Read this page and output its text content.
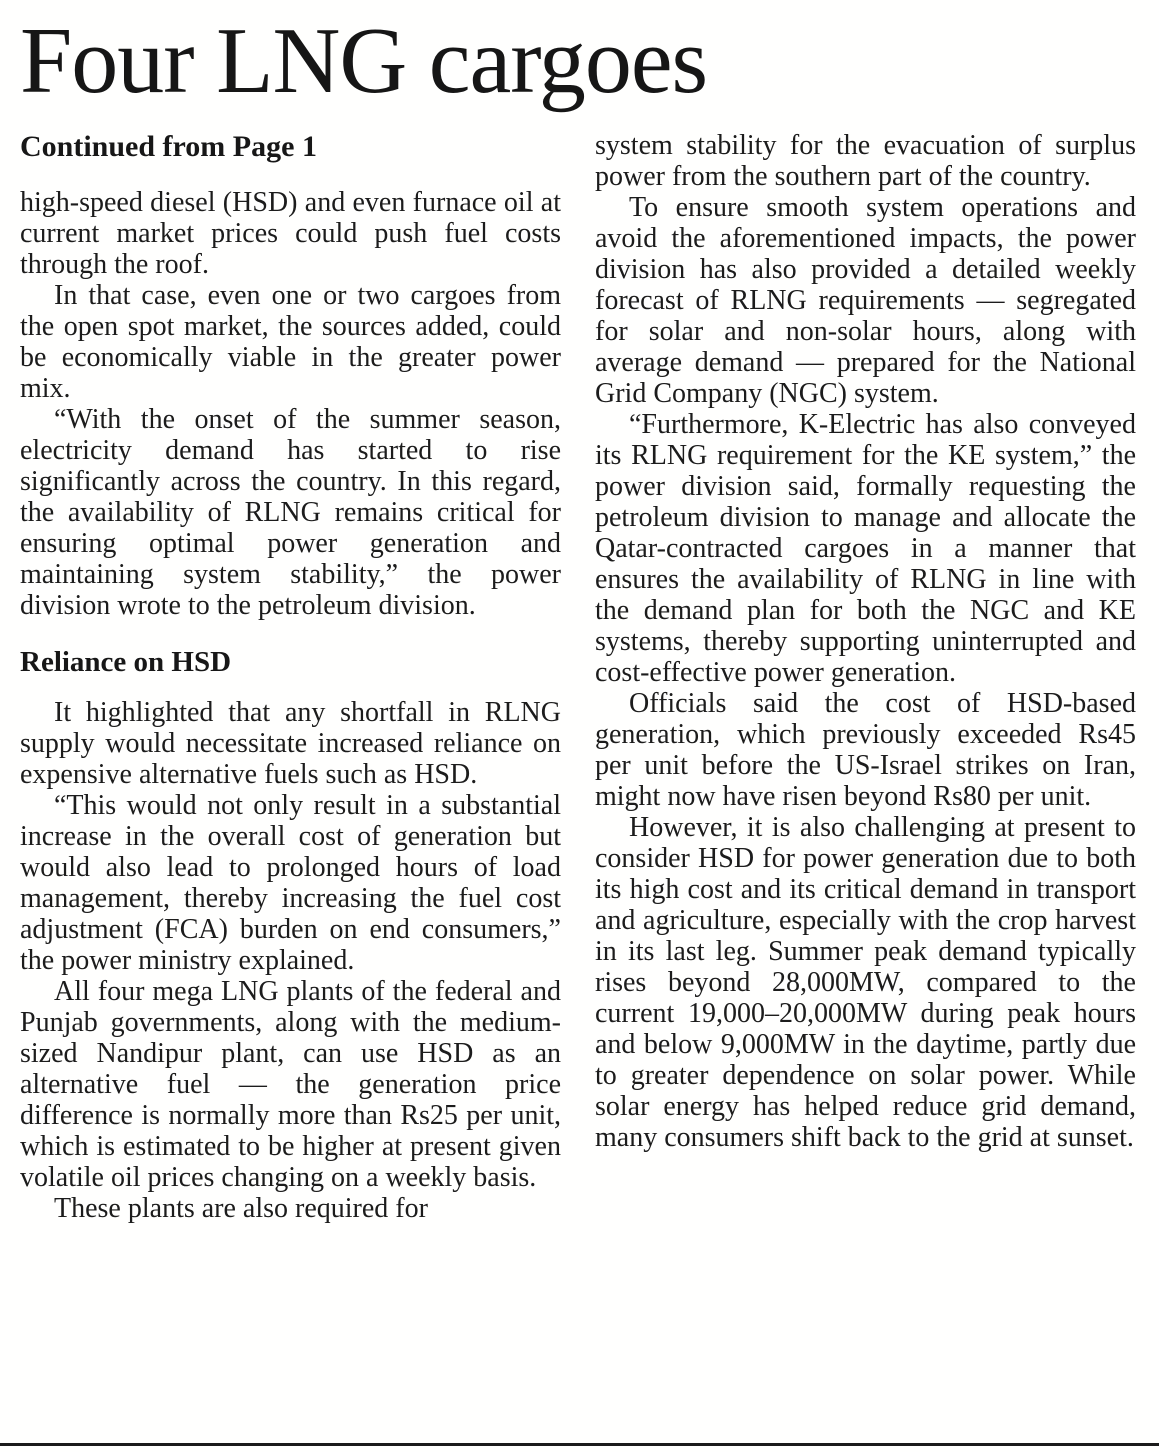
Four LNG cargoes

Continued from Page 1

high-speed diesel (HSD) and even furnace oil at current market prices could push fuel costs through the roof.

In that case, even one or two cargoes from the open spot market, the sources added, could be economically viable in the greater power mix.

“With the onset of the summer season, electricity demand has started to rise significantly across the country. In this regard, the availability of RLNG remains critical for ensuring optimal power generation and maintaining system stability,” the power division wrote to the petroleum division.

Reliance on HSD

It highlighted that any shortfall in RLNG supply would necessitate increased reliance on expensive alternative fuels such as HSD.

“This would not only result in a substantial increase in the overall cost of generation but would also lead to prolonged hours of load management, thereby increasing the fuel cost adjustment (FCA) burden on end consumers,” the power ministry explained.

All four mega LNG plants of the federal and Punjab governments, along with the medium-sized Nandipur plant, can use HSD as an alternative fuel — the generation price difference is normally more than Rs25 per unit, which is estimated to be higher at present given volatile oil prices changing on a weekly basis.

These plants are also required for

system stability for the evacuation of surplus power from the southern part of the country.

To ensure smooth system operations and avoid the aforementioned impacts, the power division has also provided a detailed weekly forecast of RLNG requirements — segregated for solar and non-solar hours, along with average demand — prepared for the National Grid Company (NGC) system.

“Furthermore, K-Electric has also conveyed its RLNG requirement for the KE system,” the power division said, formally requesting the petroleum division to manage and allocate the Qatar-contracted cargoes in a manner that ensures the availability of RLNG in line with the demand plan for both the NGC and KE systems, thereby supporting uninterrupted and cost-effective power generation.

Officials said the cost of HSD-based generation, which previously exceeded Rs45 per unit before the US-Israel strikes on Iran, might now have risen beyond Rs80 per unit.

However, it is also challenging at present to consider HSD for power generation due to both its high cost and its critical demand in transport and agriculture, especially with the crop harvest in its last leg. Summer peak demand typically rises beyond 28,000MW, compared to the current 19,000–20,000MW during peak hours and below 9,000MW in the daytime, partly due to greater dependence on solar power. While solar energy has helped reduce grid demand, many consumers shift back to the grid at sunset.
